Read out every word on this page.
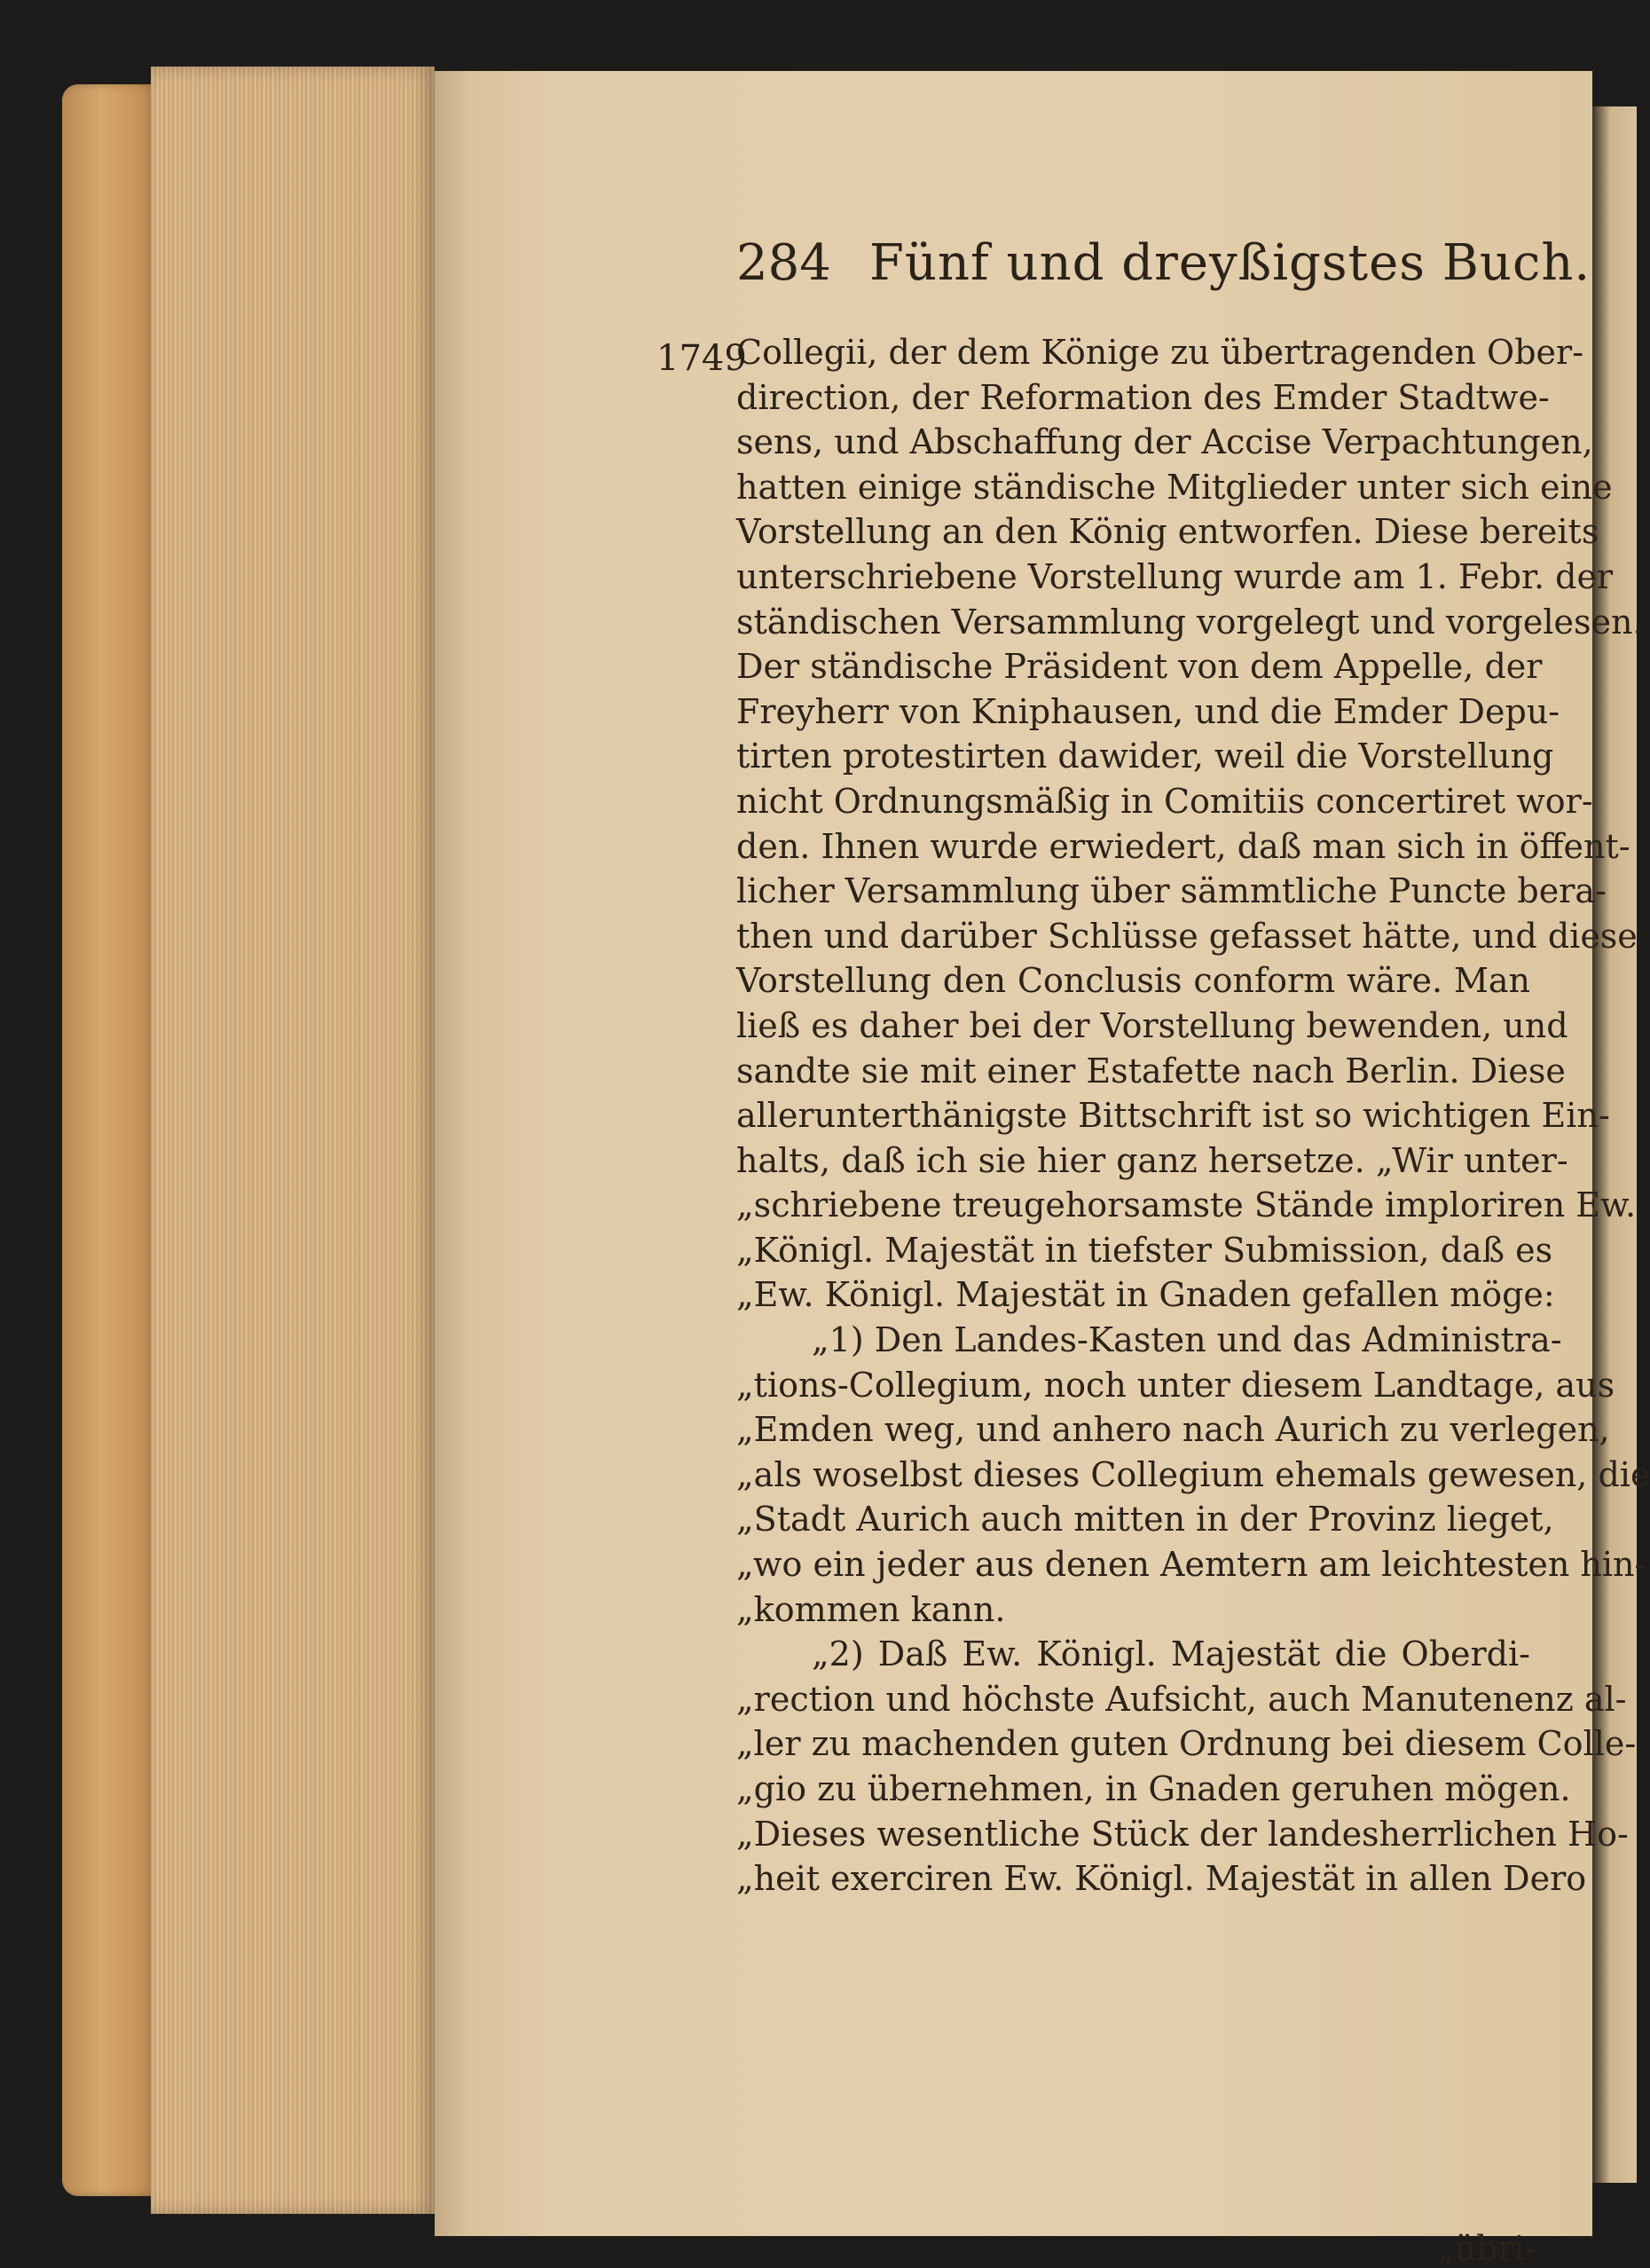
284 Fünf und dreyßigstes Buch.
1749
Collegii, der dem Könige zu übertragenden Ober-
direction, der Reformation des Emder Stadtwe-
sens, und Abschaffung der Accise Verpachtungen,
hatten einige ständische Mitglieder unter sich eine
Vorstellung an den König entworfen. Diese bereits
unterschriebene Vorstellung wurde am 1. Febr. der
ständischen Versammlung vorgelegt und vorgelesen.
Der ständische Präsident von dem Appelle, der
Freyherr von Kniphausen, und die Emder Depu-
tirten protestirten dawider, weil die Vorstellung
nicht Ordnungsmäßig in Comitiis concertiret wor-
den. Ihnen wurde erwiedert, daß man sich in öffent-
licher Versammlung über sämmtliche Puncte bera-
then und darüber Schlüsse gefasset hätte, und diese
Vorstellung den Conclusis conform wäre. Man
ließ es daher bei der Vorstellung bewenden, und
sandte sie mit einer Estafette nach Berlin. Diese
allerunterthänigste Bittschrift ist so wichtigen Ein-
halts, daß ich sie hier ganz hersetze. „Wir unter-
„schriebene treugehorsamste Stände imploriren Ew.
„Königl. Majestät in tiefster Submission, daß es
„Ew. Königl. Majestät in Gnaden gefallen möge:
„1) Den Landes-Kasten und das Administra-
„tions-Collegium, noch unter diesem Landtage, aus
„Emden weg, und anhero nach Aurich zu verlegen,
„als woselbst dieses Collegium ehemals gewesen, die
„Stadt Aurich auch mitten in der Provinz lieget,
„wo ein jeder aus denen Aemtern am leichtesten hin-
„kommen kann.
„2) Daß Ew. Königl. Majestät die Oberdi-
„rection und höchste Aufsicht, auch Manutenenz al-
„ler zu machenden guten Ordnung bei diesem Colle-
„gio zu übernehmen, in Gnaden geruhen mögen.
„Dieses wesentliche Stück der landesherrlichen Ho-
„heit exerciren Ew. Königl. Majestät in allen Dero
„übri-
